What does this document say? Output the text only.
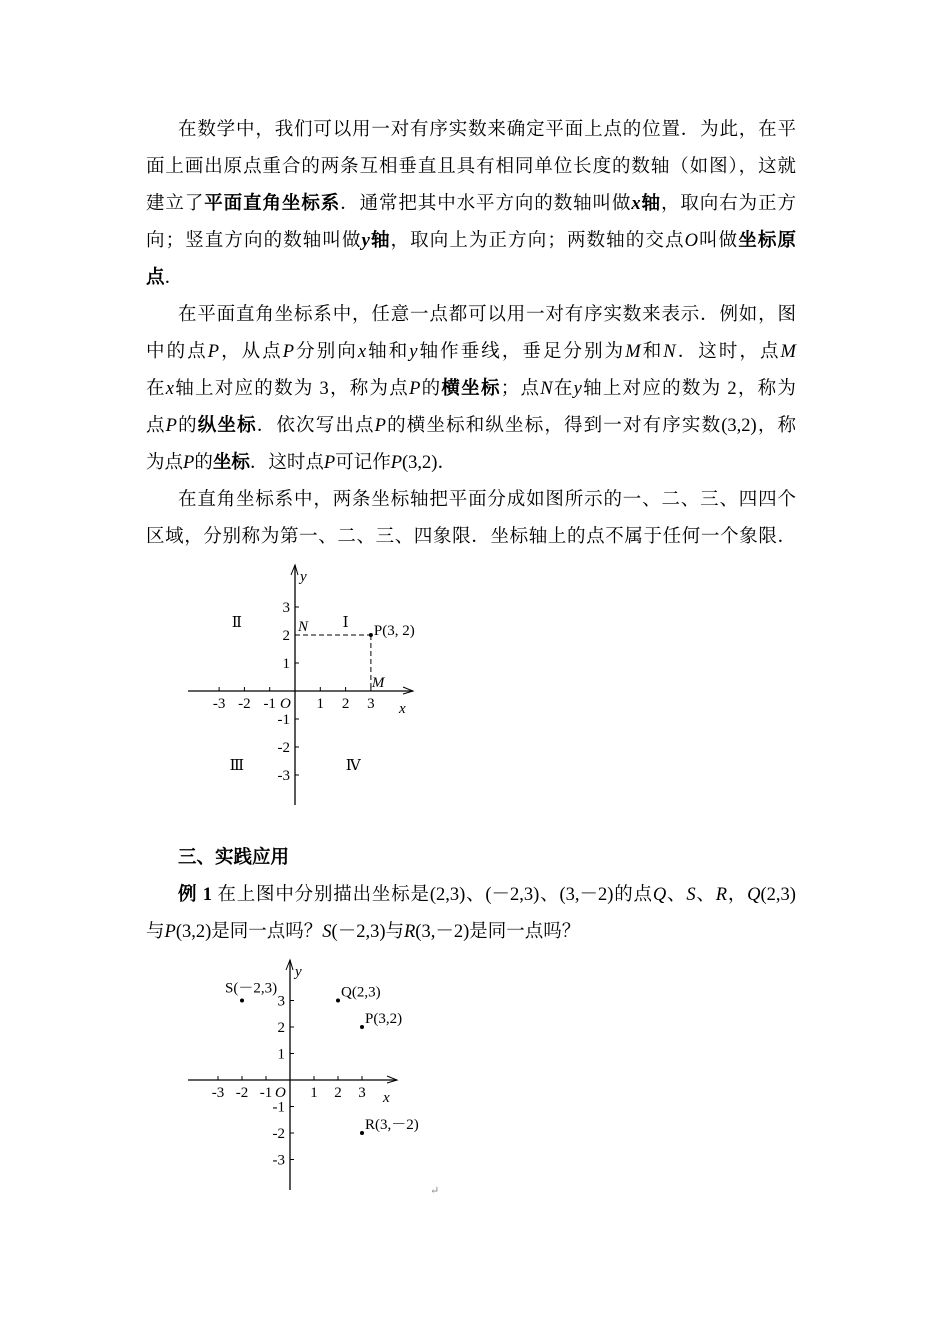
在数学中，我们可以用一对有序实数来确定平面上点的位置．为此，在平
面上画出原点重合的两条互相垂直且具有相同单位长度的数轴（如图），这就
建立了平面直角坐标系．通常把其中水平方向的数轴叫做x轴，取向右为正方
向；竖直方向的数轴叫做y轴，取向上为正方向；两数轴的交点O叫做坐标原
点．
在平面直角坐标系中，任意一点都可以用一对有序实数来表示．例如，图
中的点P，从点P分别向x轴和y轴作垂线，垂足分别为M和N．这时，点M
在x轴上对应的数为 3，称为点P的横坐标；点N在y轴上对应的数为 2，称为
点P的纵坐标．依次写出点P的横坐标和纵坐标，得到一对有序实数(3,2)，称
为点P的坐标．这时点P可记作P(3,2)．
在直角坐标系中，两条坐标轴把平面分成如图所示的一、二、三、四四个
区域，分别称为第一、二、三、四象限．坐标轴上的点不属于任何一个象限．
三、实践应用
例 1 在上图中分别描出坐标是(2,3)、(－2,3)、(3,－2)的点Q、S、R，Q(2,3)
与P(3,2)是同一点吗？S(－2,3)与R(3,－2)是同一点吗？
↵
x
y
O
-3 -2 -1	1 2 3
-3
-2
-1
1
2
3
N
M
P(3, 2)
Ⅰ
Ⅱ
Ⅲ	Ⅳ
x
y
O
-3 -2 -1	1 2 3
-3
-2
-1
1
2
3
S(－2,3)	Q(2,3)
P(3,2)
R(3,－2)
